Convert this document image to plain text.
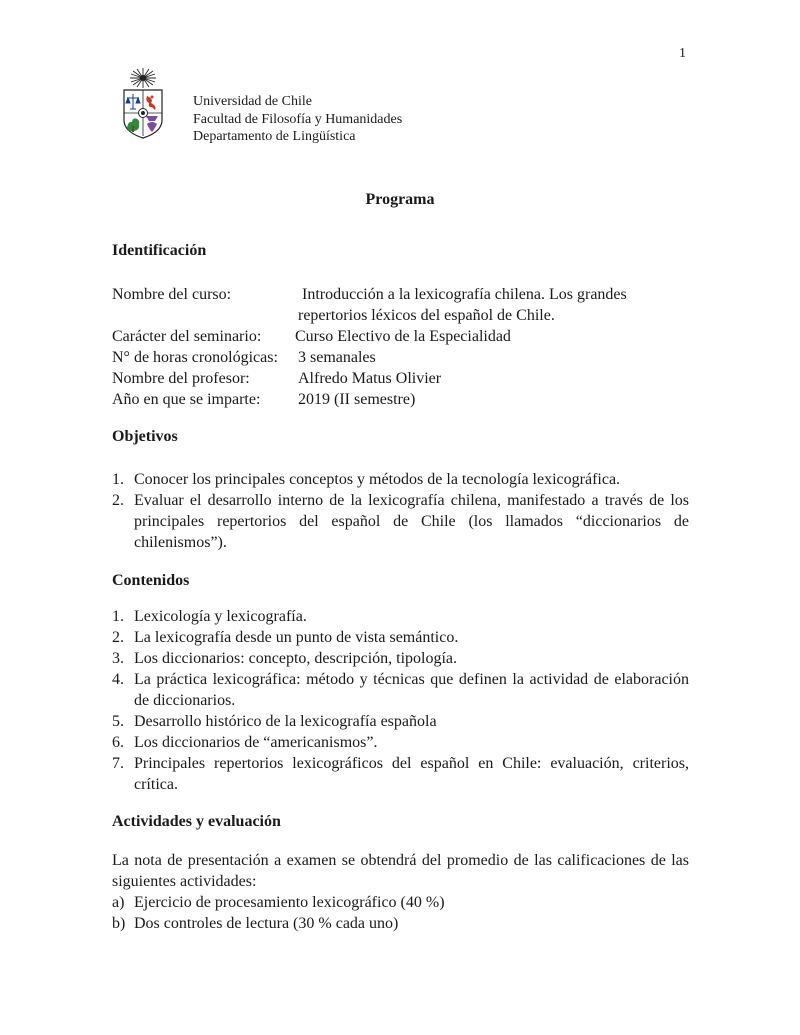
1
Universidad de Chile
Facultad de Filosofía y Humanidades
Departamento de Lingüística
Programa
Identificación
Nombre del curso:	Introducción a la lexicografía chilena. Los grandes
repertorios léxicos del español de Chile.
Carácter del seminario: Curso Electivo de la Especialidad
N° de horas cronológicas: 3 semanales
Nombre del profesor:	Alfredo Matus Olivier
Año en que se imparte: 2019 (II semestre)
Objetivos
1. Conocer los principales conceptos y métodos de la tecnología lexicográfica.
2. Evaluar el desarrollo interno de la lexicografía chilena, manifestado a través de los principales repertorios del español de Chile (los llamados “diccionarios de chilenismos”).
Contenidos
1. Lexicología y lexicografía.
2. La lexicografía desde un punto de vista semántico.
3. Los diccionarios: concepto, descripción, tipología.
4. La práctica lexicográfica: método y técnicas que definen la actividad de elaboración de diccionarios.
5. Desarrollo histórico de la lexicografía española
6. Los diccionarios de “americanismos”.
7. Principales repertorios lexicográficos del español en Chile: evaluación, criterios, crítica.
Actividades y evaluación
La nota de presentación a examen se obtendrá del promedio de las calificaciones de las siguientes actividades:
a) Ejercicio de procesamiento lexicográfico (40 %)
b) Dos controles de lectura (30 % cada uno)
